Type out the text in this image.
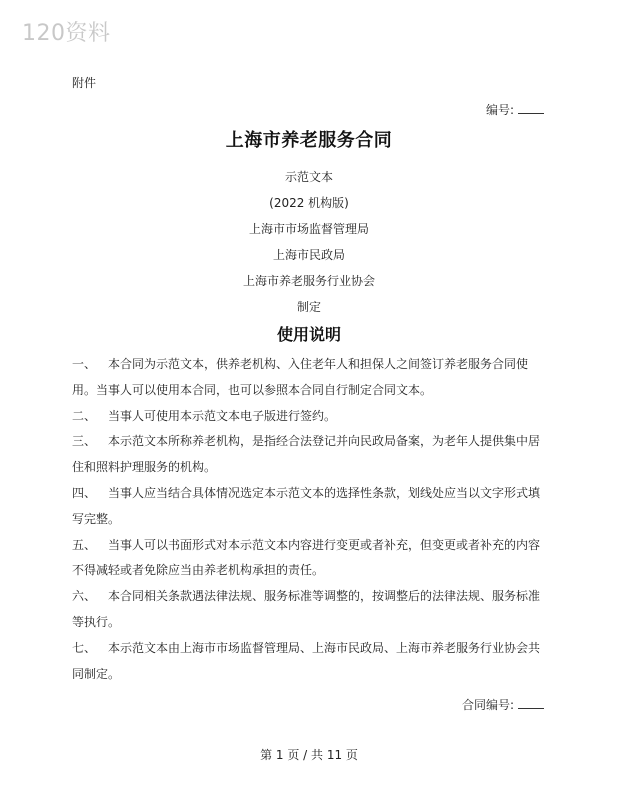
120资料
附件
编号:
上海市养老服务合同
示范文本
(2022 机构版)
上海市市场监督管理局
上海市民政局
上海市养老服务行业协会
制定
使用说明

一、 本合同为示范文本，供养老机构、入住老年人和担保人之间签订养老服务合同使用。当事人可以使用本合同，也可以参照本合同自行制定合同文本。

二、 当事人可使用本示范文本电子版进行签约。

三、 本示范文本所称养老机构，是指经合法登记并向民政局备案，为老年人提供集中居住和照料护理服务的机构。

四、 当事人应当结合具体情况选定本示范文本的选择性条款，划线处应当以文字形式填写完整。

五、 当事人可以书面形式对本示范文本内容进行变更或者补充，但变更或者补充的内容不得减轻或者免除应当由养老机构承担的责任。

六、 本合同相关条款遇法律法规、服务标准等调整的，按调整后的法律法规、服务标准等执行。

七、 本示范文本由上海市市场监督管理局、上海市民政局、上海市养老服务行业协会共同制定。

合同编号:
第 1 页 / 共 11 页
